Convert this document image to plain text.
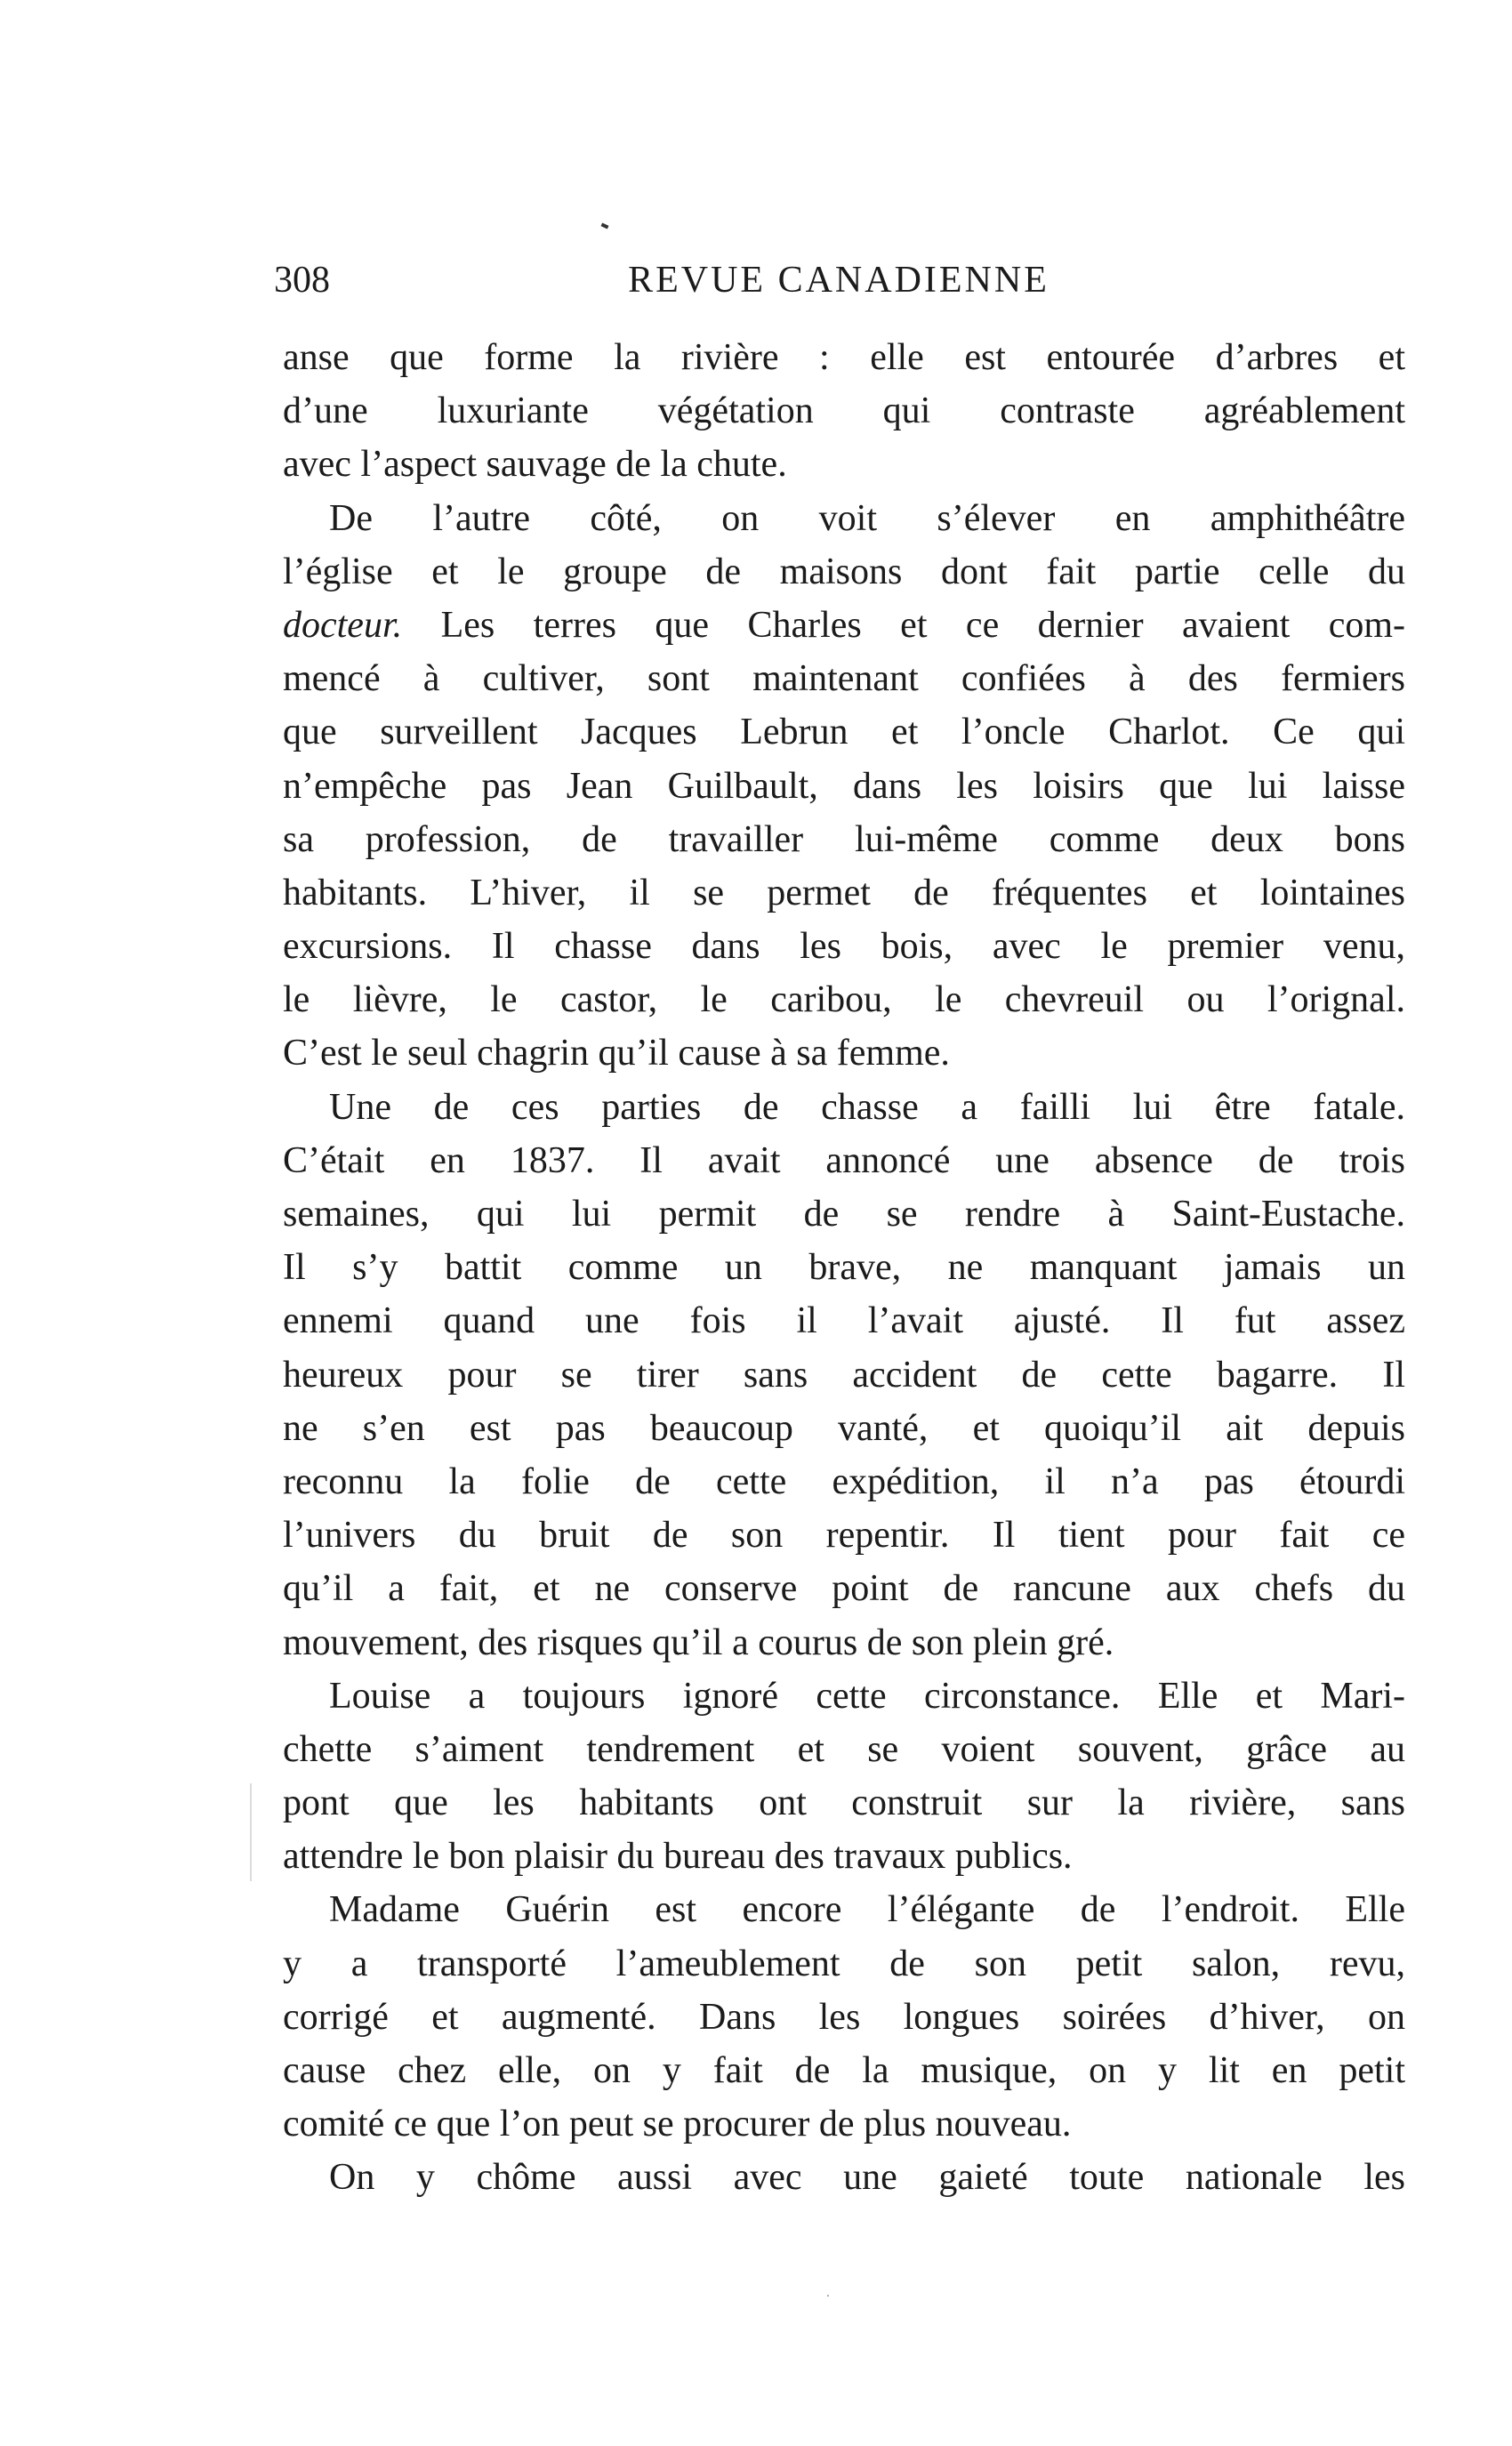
308	REVUE CANADIENNE
anse que forme la rivière : elle est entourée d’arbres et
d’une luxuriante végétation qui contraste agréablement
avec l’aspect sauvage de la chute.
De l’autre côté, on voit s’élever en amphithéâtre
l’église et le groupe de maisons dont fait partie celle du
docteur. Les terres que Charles et ce dernier avaient com-
mencé à cultiver, sont maintenant confiées à des fermiers
que surveillent Jacques Lebrun et l’oncle Charlot. Ce qui
n’empêche pas Jean Guilbault, dans les loisirs que lui laisse
sa profession, de travailler lui-même comme deux bons
habitants. L’hiver, il se permet de fréquentes et lointaines
excursions. Il chasse dans les bois, avec le premier venu,
le lièvre, le castor, le caribou, le chevreuil ou l’orignal.
C’est le seul chagrin qu’il cause à sa femme.
Une de ces parties de chasse a failli lui être fatale.
C’était en 1837. Il avait annoncé une absence de trois
semaines, qui lui permit de se rendre à Saint-Eustache.
Il s’y battit comme un brave, ne manquant jamais un
ennemi quand une fois il l’avait ajusté. Il fut assez
heureux pour se tirer sans accident de cette bagarre. Il
ne s’en est pas beaucoup vanté, et quoiqu’il ait depuis
reconnu la folie de cette expédition, il n’a pas étourdi
l’univers du bruit de son repentir. Il tient pour fait ce
qu’il a fait, et ne conserve point de rancune aux chefs du
mouvement, des risques qu’il a courus de son plein gré.
Louise a toujours ignoré cette circonstance. Elle et Mari-
chette s’aiment tendrement et se voient souvent, grâce au
pont que les habitants ont construit sur la rivière, sans
attendre le bon plaisir du bureau des travaux publics.
Madame Guérin est encore l’élégante de l’endroit. Elle
y a transporté l’ameublement de son petit salon, revu,
corrigé et augmenté. Dans les longues soirées d’hiver, on
cause chez elle, on y fait de la musique, on y lit en petit
comité ce que l’on peut se procurer de plus nouveau.
On y chôme aussi avec une gaieté toute nationale les
